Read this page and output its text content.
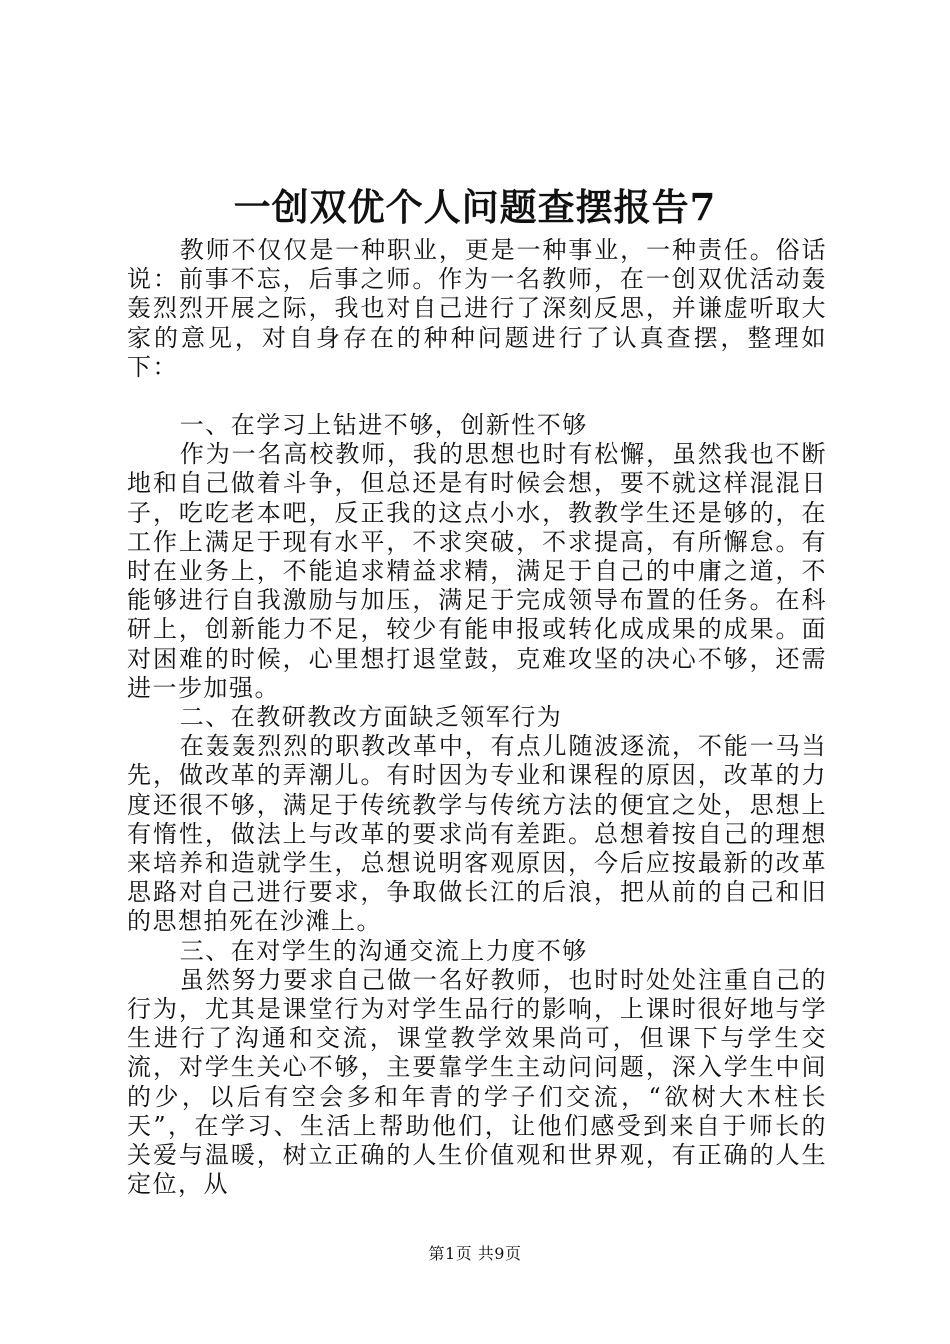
一创双优个人问题查摆报告7

教师不仅仅是一种职业，更是一种事业，一种责任。俗话说：前事不忘，后事之师。作为一名教师，在一创双优活动轰轰烈烈开展之际，我也对自己进行了深刻反思，并谦虚听取大家的意见，对自身存在的种种问题进行了认真查摆，整理如下：

一、在学习上钻进不够，创新性不够

作为一名高校教师，我的思想也时有松懈，虽然我也不断地和自己做着斗争，但总还是有时候会想，要不就这样混混日子，吃吃老本吧，反正我的这点小水，教教学生还是够的，在工作上满足于现有水平，不求突破，不求提高，有所懈怠。有时在业务上，不能追求精益求精，满足于自己的中庸之道，不能够进行自我激励与加压，满足于完成领导布置的任务。在科研上，创新能力不足，较少有能申报或转化成成果的成果。面对困难的时候，心里想打退堂鼓，克难攻坚的决心不够，还需进一步加强。

二、在教研教改方面缺乏领军行为

在轰轰烈烈的职教改革中，有点儿随波逐流，不能一马当先，做改革的弄潮儿。有时因为专业和课程的原因，改革的力度还很不够，满足于传统教学与传统方法的便宜之处，思想上有惰性，做法上与改革的要求尚有差距。总想着按自己的理想来培养和造就学生，总想说明客观原因，今后应按最新的改革思路对自己进行要求，争取做长江的后浪，把从前的自己和旧的思想拍死在沙滩上。

三、在对学生的沟通交流上力度不够

虽然努力要求自己做一名好教师，也时时处处注重自己的行为，尤其是课堂行为对学生品行的影响，上课时很好地与学生进行了沟通和交流，课堂教学效果尚可，但课下与学生交流，对学生关心不够，主要靠学生主动问问题，深入学生中间的少，以后有空会多和年青的学子们交流，“欲树大木柱长天”，在学习、生活上帮助他们，让他们感受到来自于师长的关爱与温暖，树立正确的人生价值观和世界观，有正确的人生定位，从

第1页 共9页
